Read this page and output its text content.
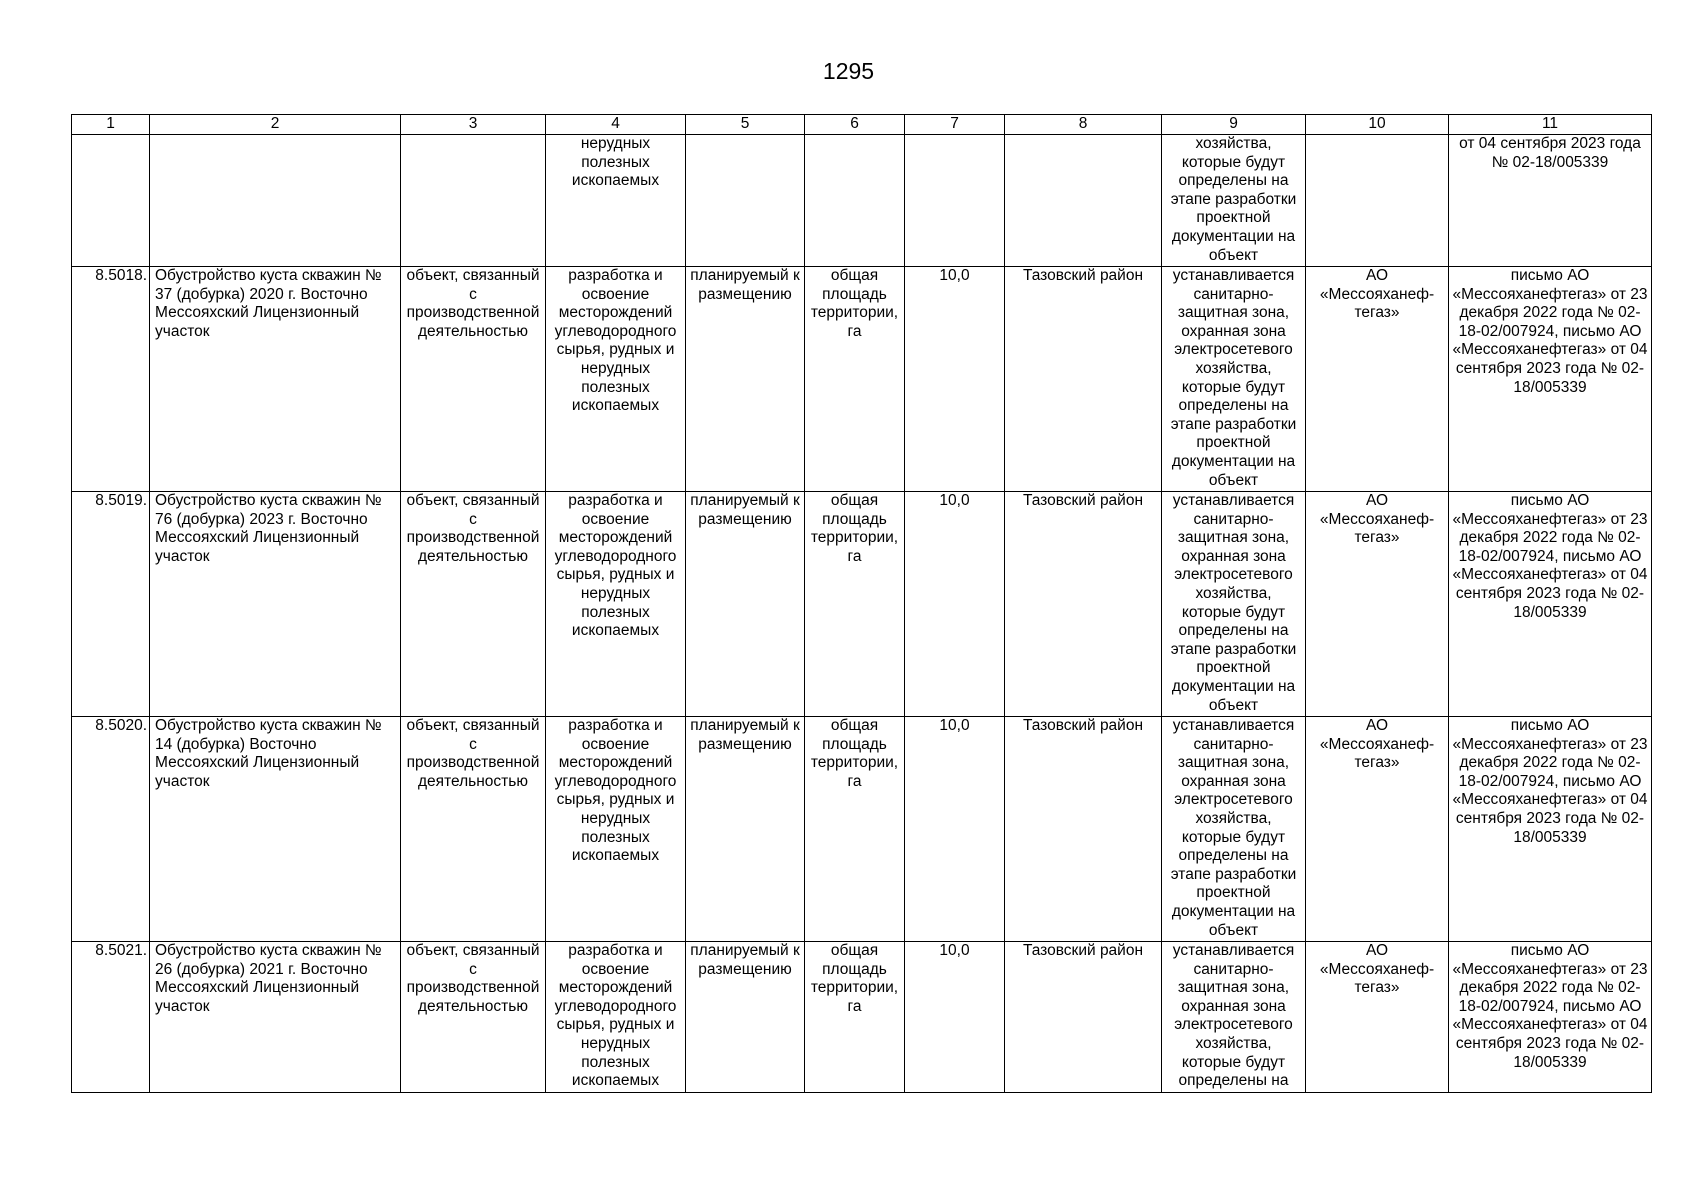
1295
1	2	3	4	5	6	7	8	9	10	11
			нерудных полезных ископаемых					хозяйства, которые будут определены на этапе разработки проектной документации на объект		от 04 сентября 2023 года № 02-18/005339
8.5018.	Обустройство куста скважин № 37 (добурка) 2020 г. Восточно Мессояхский Лицензионный участок	объект, связанный с производственной деятельностью	разработка и освоение месторождений углеводородного сырья, рудных и нерудных полезных ископаемых	планируемый к размещению	общая площадь территории, га	10,0	Тазовский район	устанавливается санитарно-защитная зона, охранная зона электросетевого хозяйства, которые будут определены на этапе разработки проектной документации на объект	АО «Мессояханеф-тегаз»	письмо АО «Мессояханефтегаз» от 23 декабря 2022 года № 02-18-02/007924, письмо АО «Мессояханефтегаз» от 04 сентября 2023 года № 02-18/005339
8.5019.	Обустройство куста скважин № 76 (добурка) 2023 г. Восточно Мессояхский Лицензионный участок	объект, связанный с производственной деятельностью	разработка и освоение месторождений углеводородного сырья, рудных и нерудных полезных ископаемых	планируемый к размещению	общая площадь территории, га	10,0	Тазовский район	устанавливается санитарно-защитная зона, охранная зона электросетевого хозяйства, которые будут определены на этапе разработки проектной документации на объект	АО «Мессояханеф-тегаз»	письмо АО «Мессояханефтегаз» от 23 декабря 2022 года № 02-18-02/007924, письмо АО «Мессояханефтегаз» от 04 сентября 2023 года № 02-18/005339
8.5020.	Обустройство куста скважин № 14 (добурка) Восточно Мессояхский Лицензионный участок	объект, связанный с производственной деятельностью	разработка и освоение месторождений углеводородного сырья, рудных и нерудных полезных ископаемых	планируемый к размещению	общая площадь территории, га	10,0	Тазовский район	устанавливается санитарно-защитная зона, охранная зона электросетевого хозяйства, которые будут определены на этапе разработки проектной документации на объект	АО «Мессояханеф-тегаз»	письмо АО «Мессояханефтегаз» от 23 декабря 2022 года № 02-18-02/007924, письмо АО «Мессояханефтегаз» от 04 сентября 2023 года № 02-18/005339
8.5021.	Обустройство куста скважин № 26 (добурка) 2021 г. Восточно Мессояхский Лицензионный участок	объект, связанный с производственной деятельностью	разработка и освоение месторождений углеводородного сырья, рудных и нерудных полезных ископаемых	планируемый к размещению	общая площадь территории, га	10,0	Тазовский район	устанавливается санитарно-защитная зона, охранная зона электросетевого хозяйства, которые будут определены на	АО «Мессояханеф-тегаз»	письмо АО «Мессояханефтегаз» от 23 декабря 2022 года № 02-18-02/007924, письмо АО «Мессояханефтегаз» от 04 сентября 2023 года № 02-18/005339
